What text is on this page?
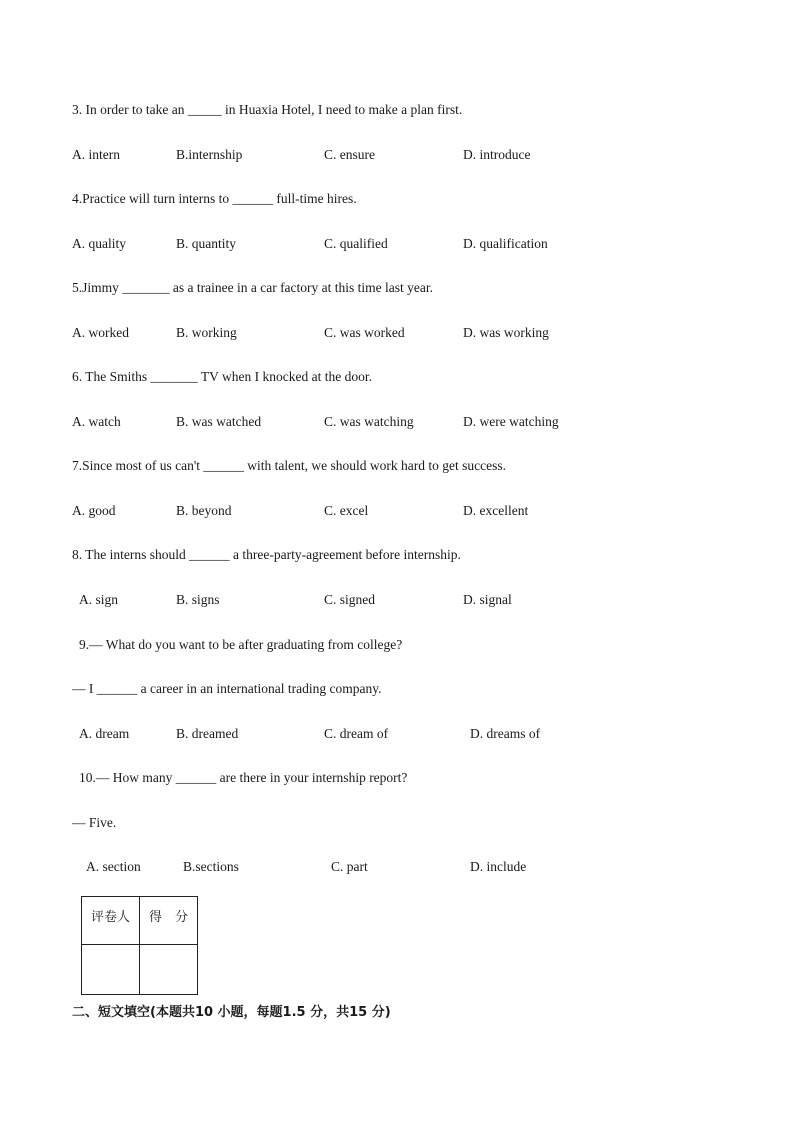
3. In order to take an _____ in Huaxia Hotel, I need to make a plan first.
A. intern	B.internship	C. ensure	D. introduce
4.Practice will turn interns to ______ full-time hires.
A. quality	B. quantity	C. qualified	D. qualification
5.Jimmy _______ as a trainee in a car factory at this time last year.
A. worked	B. working	C. was worked	D. was working
6. The Smiths _______ TV when I knocked at the door.
A. watch	B. was watched	C. was watching	D. were watching
7.Since most of us can't ______ with talent, we should work hard to get success.
A. good	B. beyond	C. excel	D. excellent
8. The interns should ______ a three-party-agreement before internship.
A. sign	B. signs	C. signed	D. signal
9.— What do you want to be after graduating from college?
— I ______ a career in an international trading company.
A. dream	B. dreamed	C. dream of	D. dreams of
10.— How many ______ are there in your internship report?
— Five.
A. section	B.sections	C. part	D. include
评卷人	得　分

二、短文填空(本题共10 小题，每题1.5 分，共15 分)
